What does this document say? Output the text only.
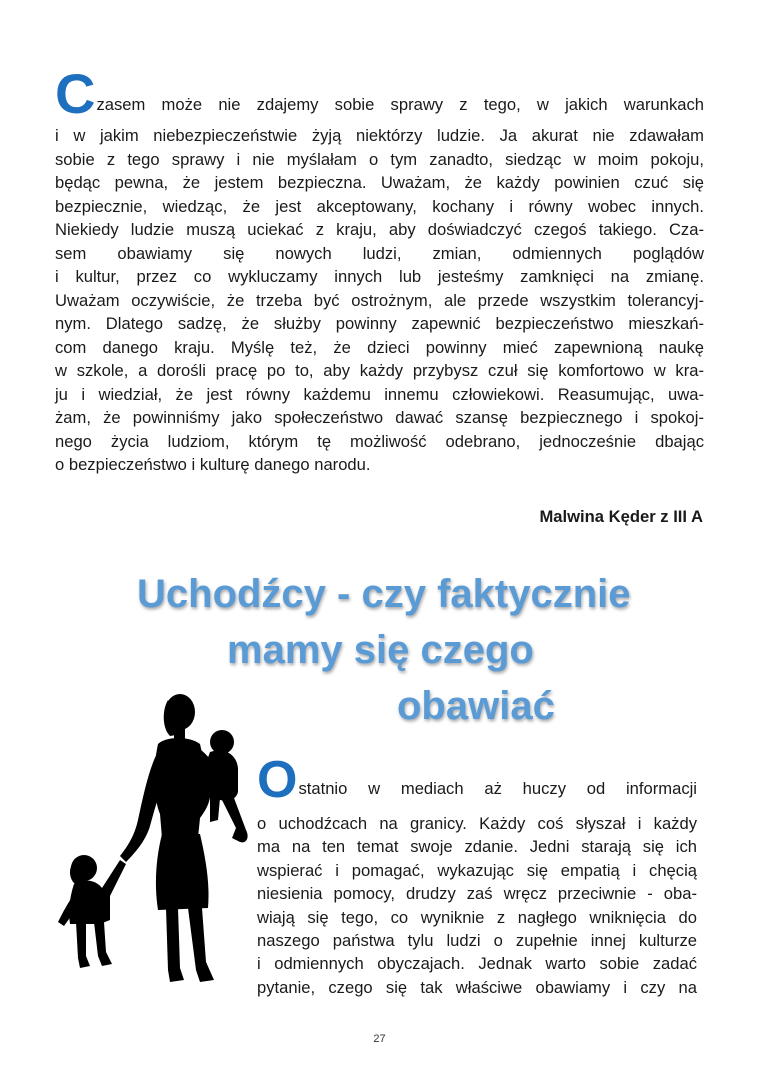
C zasem może nie zdajemy sobie sprawy z tego, w jakich warunkach
i w jakim niebezpieczeństwie żyją niektórzy ludzie. Ja akurat nie zdawałam
sobie z tego sprawy i nie myślałam o tym zanadto, siedząc w moim pokoju,
będąc pewna, że jestem bezpieczna. Uważam, że każdy powinien czuć się
bezpiecznie, wiedząc, że jest akceptowany, kochany i równy wobec innych.
Niekiedy ludzie muszą uciekać z kraju, aby doświadczyć czegoś takiego. Cza-
sem obawiamy się nowych ludzi, zmian, odmiennych poglądów
i kultur, przez co wykluczamy innych lub jesteśmy zamknięci na zmianę.
Uważam oczywiście, że trzeba być ostrożnym, ale przede wszystkim tolerancyj-
nym. Dlatego sadzę, że służby powinny zapewnić bezpieczeństwo mieszkań-
com danego kraju. Myślę też, że dzieci powinny mieć zapewnioną naukę
w szkole, a dorośli pracę po to, aby każdy przybysz czuł się komfortowo w kra-
ju i wiedział, że jest równy każdemu innemu człowiekowi. Reasumując, uwa-
żam, że powinniśmy jako społeczeństwo dawać szansę bezpiecznego i spokoj-
nego życia ludziom, którym tę możliwość odebrano, jednocześnie dbając
o bezpieczeństwo i kulturę danego narodu.
Malwina Kęder z III A
Uchodźcy - czy faktycznie
mamy się czego
obawiać
O statnio w mediach aż huczy od informacji
o uchodźcach na granicy. Każdy coś słyszał i każdy
ma na ten temat swoje zdanie. Jedni starają się ich
wspierać i pomagać, wykazując się empatią i chęcią
niesienia pomocy, drudzy zaś wręcz przeciwnie - oba-
wiają się tego, co wyniknie z nagłego wniknięcia do
naszego państwa tylu ludzi o zupełnie innej kulturze
i odmiennych obyczajach. Jednak warto sobie zadać
pytanie, czego się tak właściwe obawiamy i czy na
27
